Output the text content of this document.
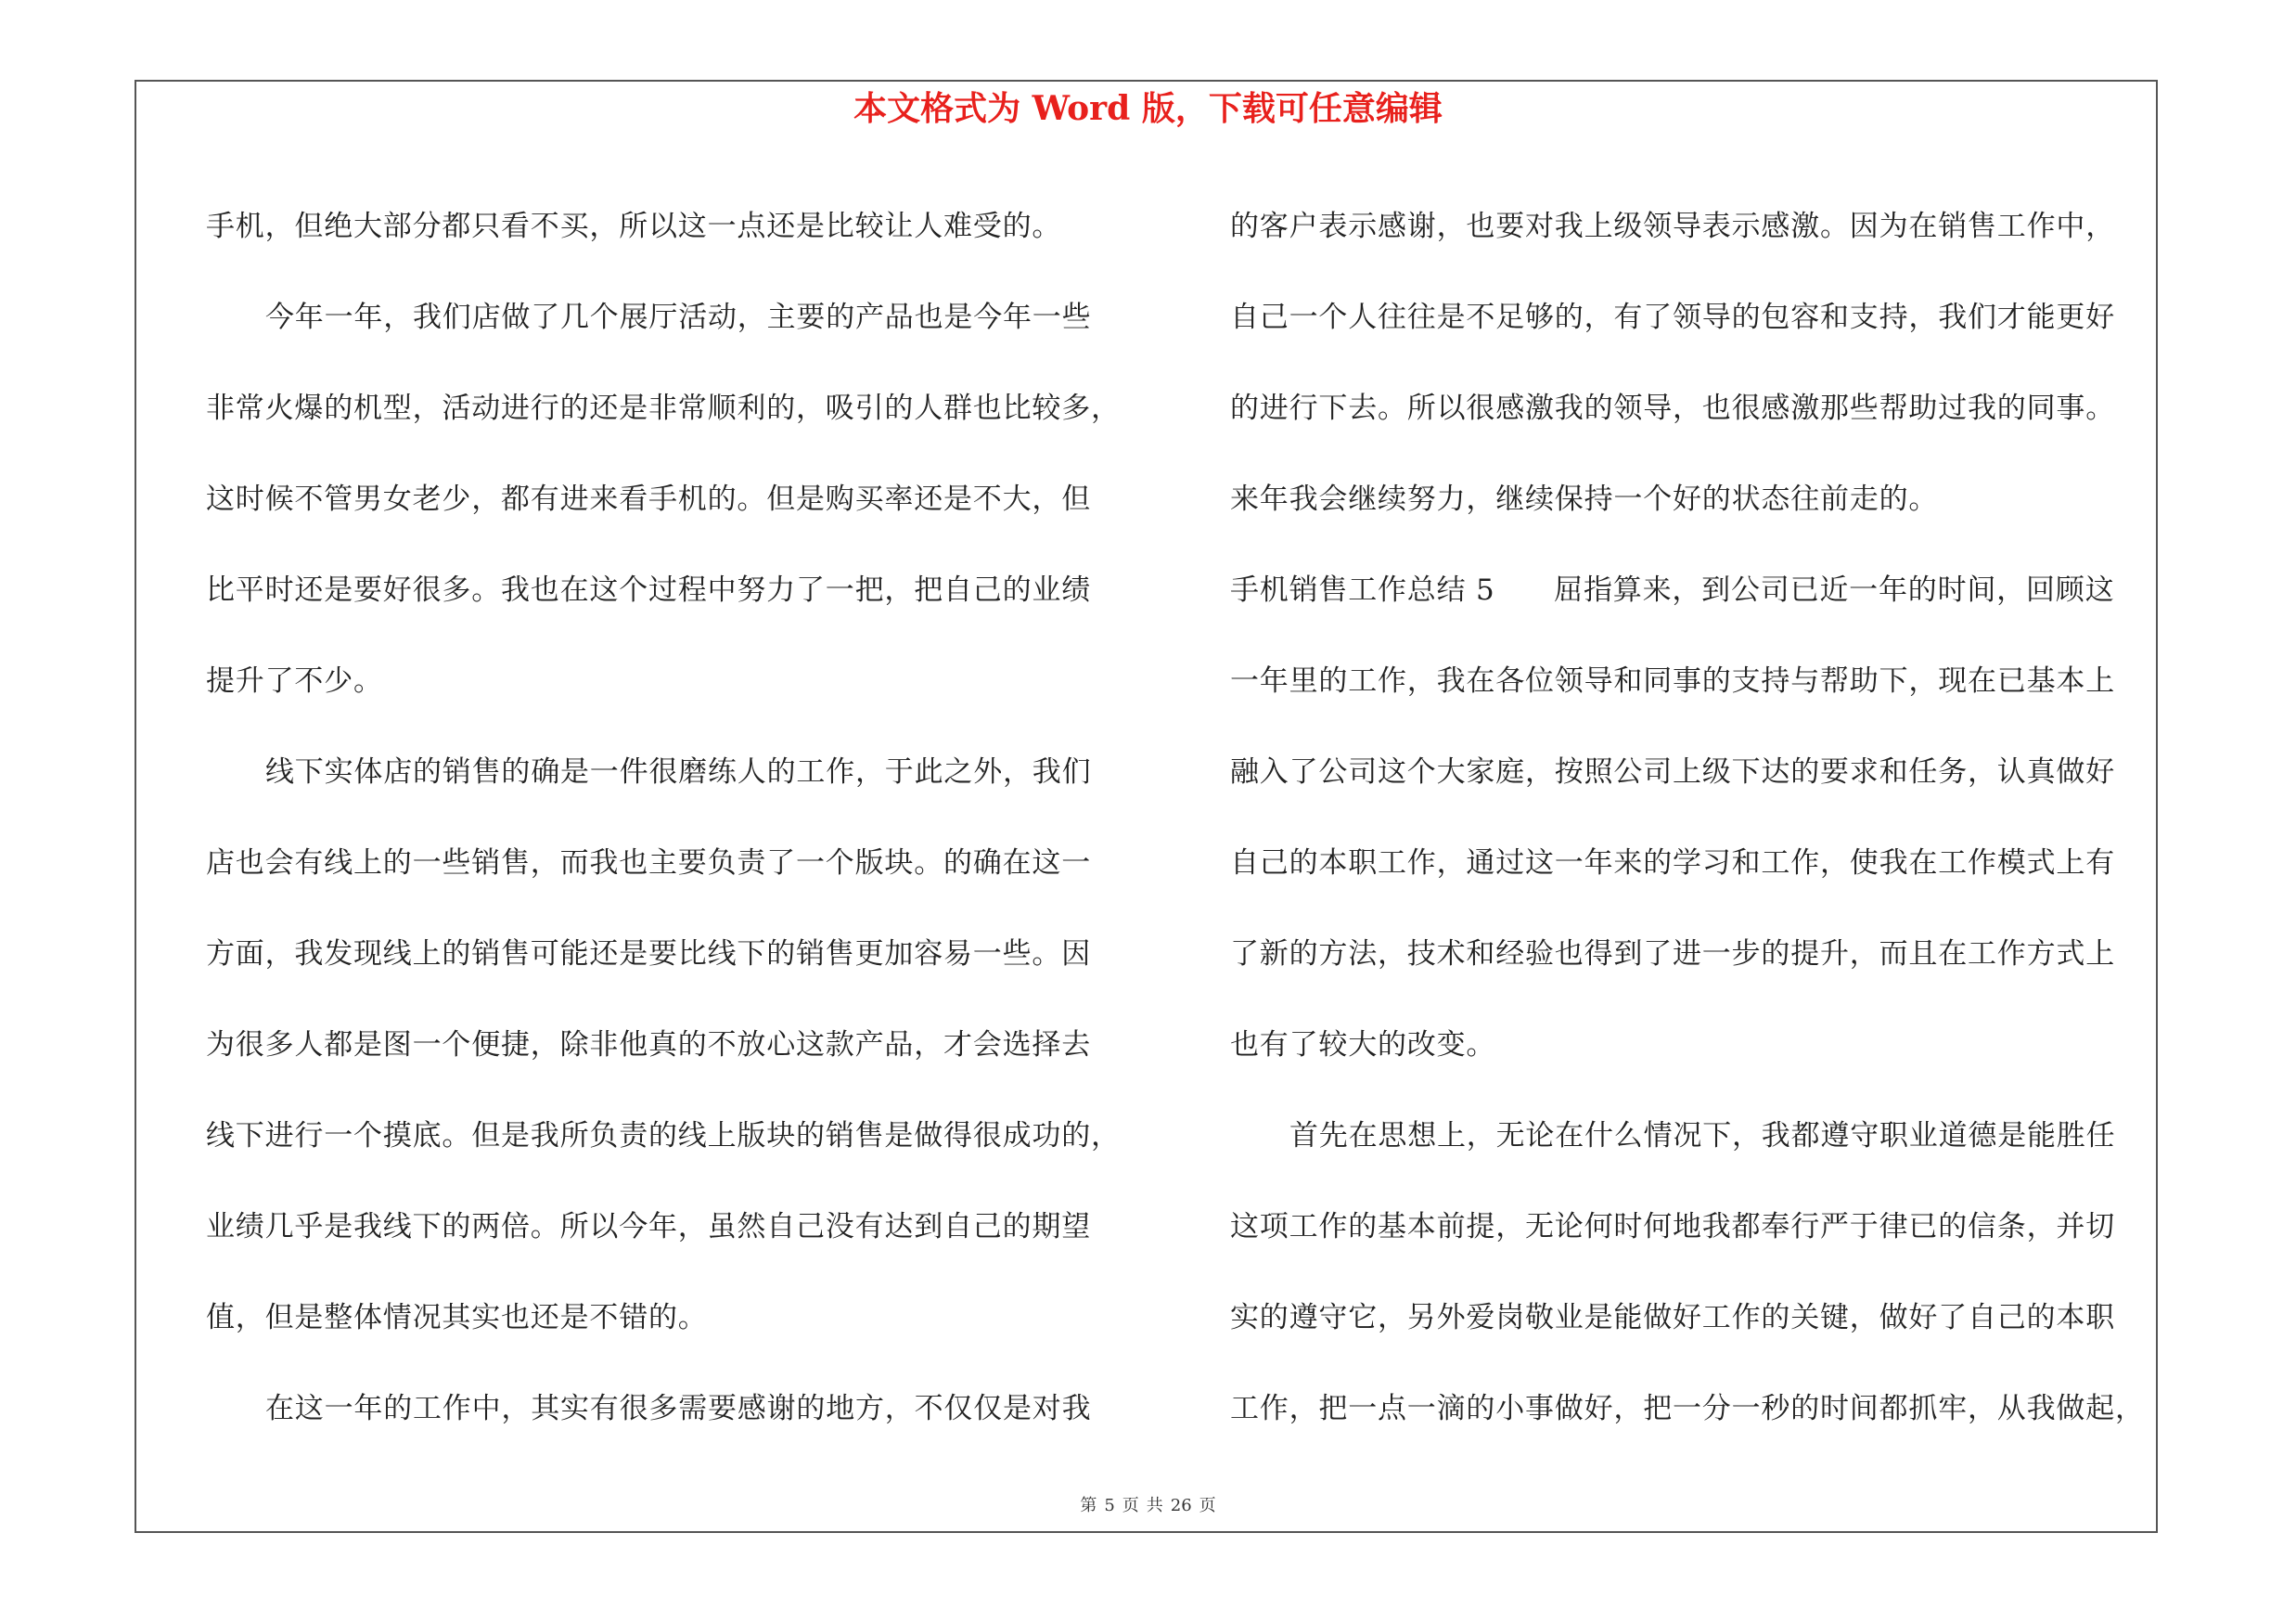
本文格式为 Word 版，下载可任意编辑
手机，但绝大部分都只看不买，所以这一点还是比较让人难受的。
今年一年，我们店做了几个展厅活动，主要的产品也是今年一些
非常火爆的机型，活动进行的还是非常顺利的，吸引的人群也比较多，
这时候不管男女老少，都有进来看手机的。但是购买率还是不大，但
比平时还是要好很多。我也在这个过程中努力了一把，把自己的业绩
提升了不少。
线下实体店的销售的确是一件很磨练人的工作，于此之外，我们
店也会有线上的一些销售，而我也主要负责了一个版块。的确在这一
方面，我发现线上的销售可能还是要比线下的销售更加容易一些。因
为很多人都是图一个便捷，除非他真的不放心这款产品，才会选择去
线下进行一个摸底。但是我所负责的线上版块的销售是做得很成功的，
业绩几乎是我线下的两倍。所以今年，虽然自己没有达到自己的期望
值，但是整体情况其实也还是不错的。
在这一年的工作中，其实有很多需要感谢的地方，不仅仅是对我
的客户表示感谢，也要对我上级领导表示感激。因为在销售工作中，
自己一个人往往是不足够的，有了领导的包容和支持，我们才能更好
的进行下去。所以很感激我的领导，也很感激那些帮助过我的同事。
来年我会继续努力，继续保持一个好的状态往前走的。
手机销售工作总结 5　　屈指算来，到公司已近一年的时间，回顾这
一年里的工作，我在各位领导和同事的支持与帮助下，现在已基本上
融入了公司这个大家庭，按照公司上级下达的要求和任务，认真做好
自己的本职工作，通过这一年来的学习和工作，使我在工作模式上有
了新的方法，技术和经验也得到了进一步的提升，而且在工作方式上
也有了较大的改变。
首先在思想上，无论在什么情况下，我都遵守职业道德是能胜任
这项工作的基本前提，无论何时何地我都奉行严于律已的信条，并切
实的遵守它，另外爱岗敬业是能做好工作的关键，做好了自己的本职
工作，把一点一滴的小事做好，把一分一秒的时间都抓牢，从我做起，
第 5 页 共 26 页
